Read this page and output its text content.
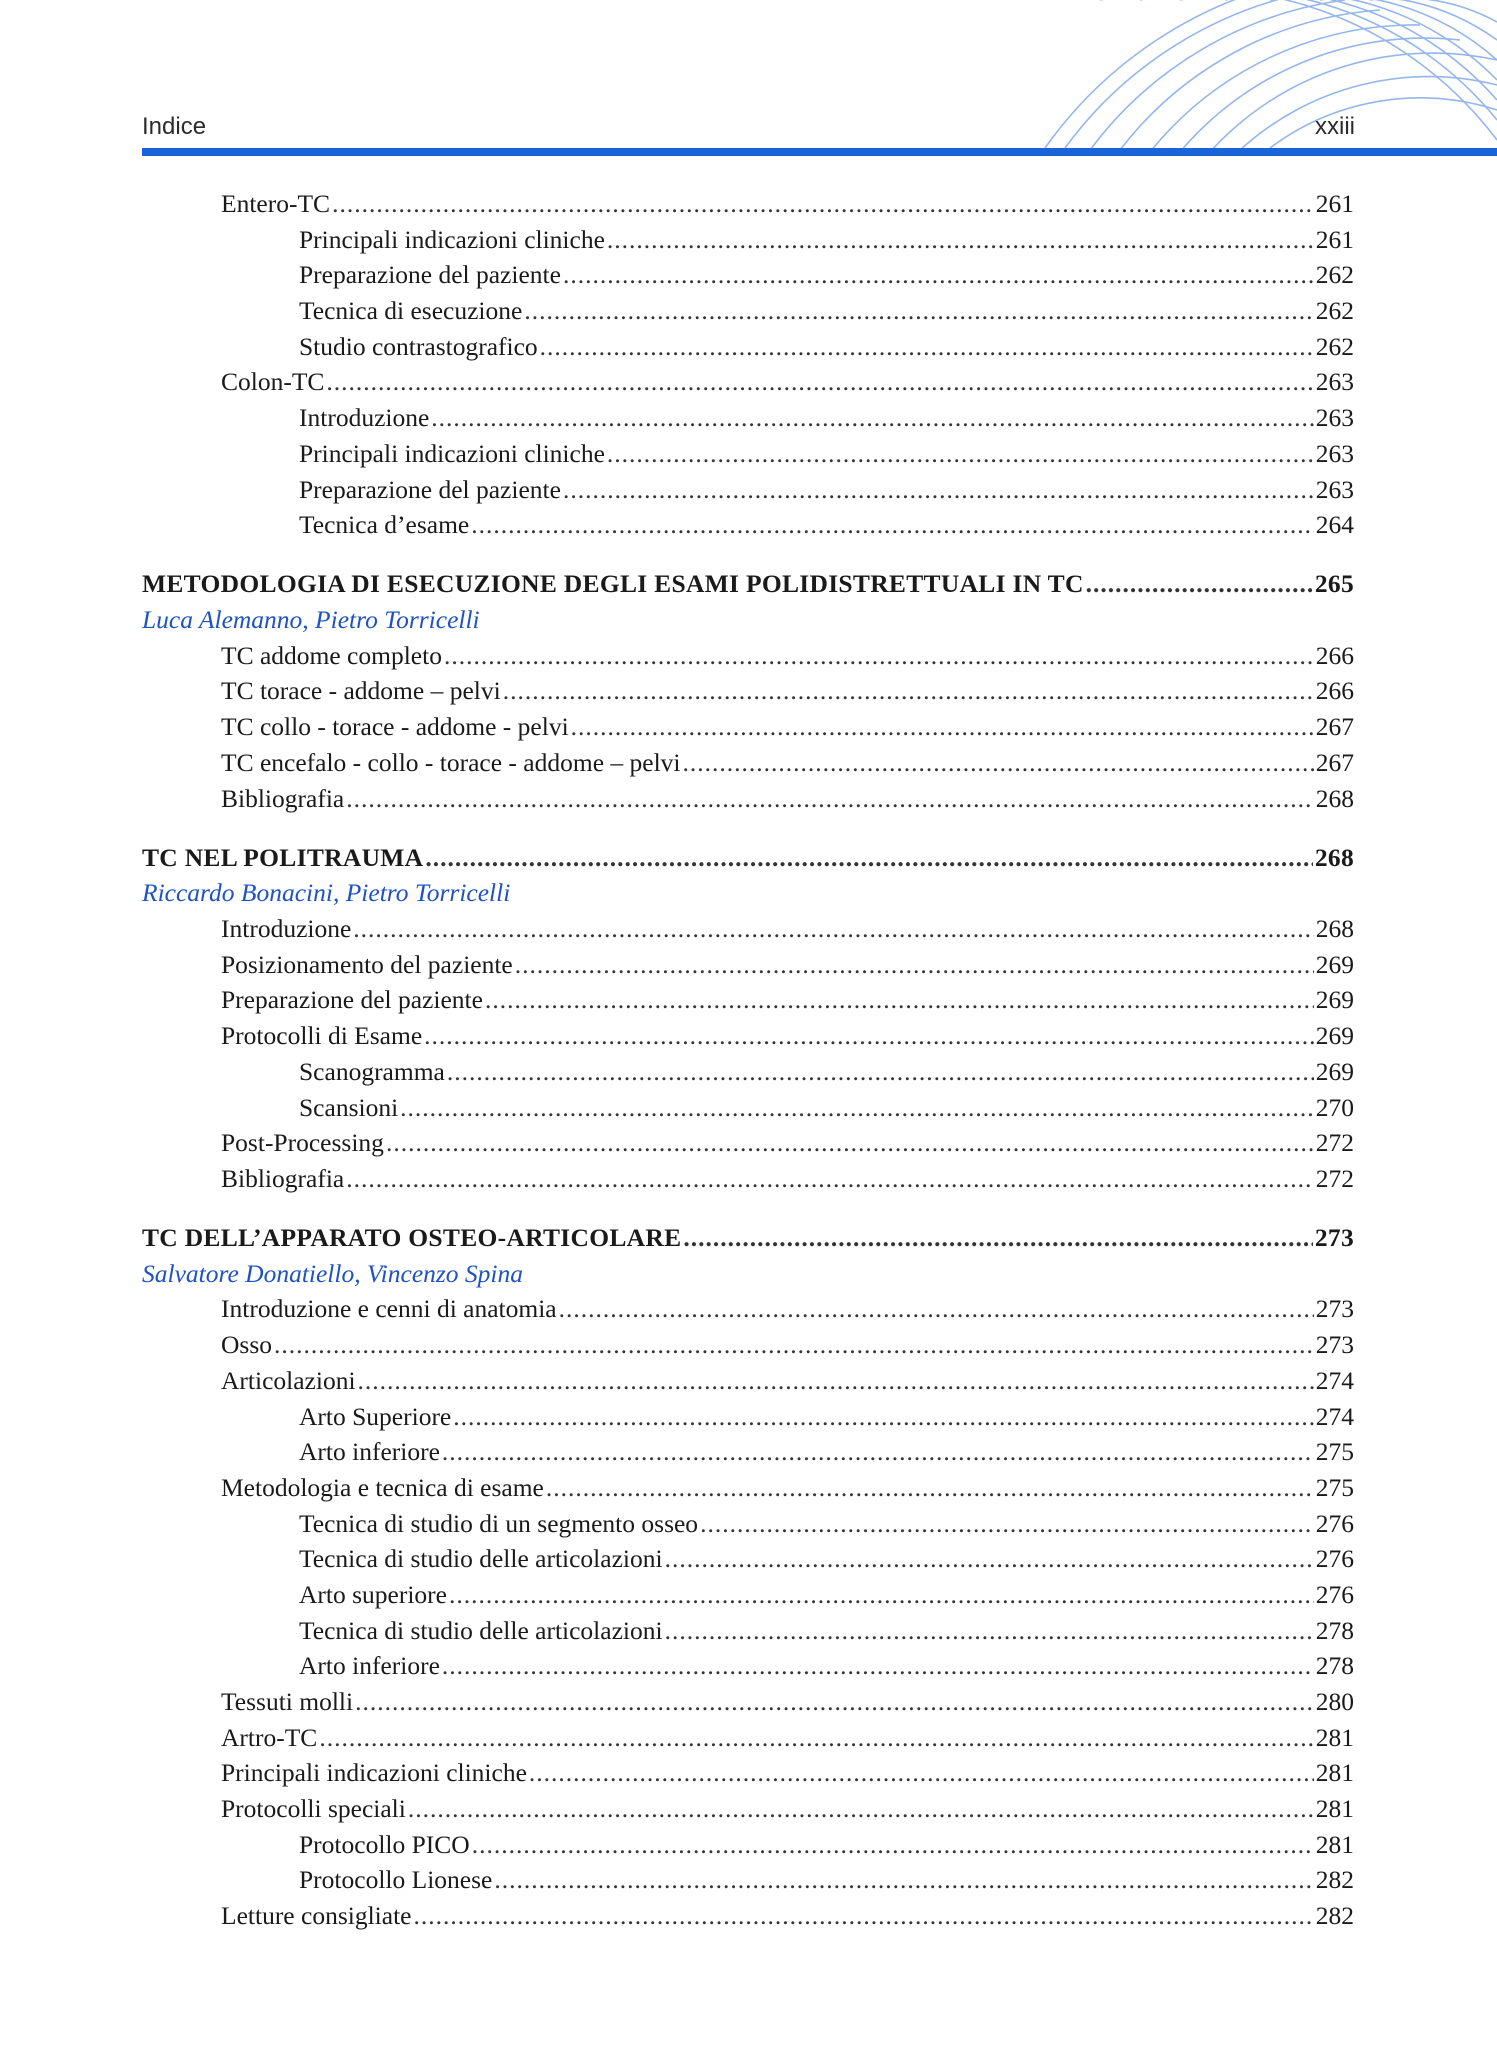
Indice	xxiii
Entero-TC .....	261
Principali indicazioni cliniche .....	261
Preparazione del paziente .....	262
Tecnica di esecuzione .....	262
Studio contrastografico .....	262
Colon-TC .....	263
Introduzione .....	263
Principali indicazioni cliniche .....	263
Preparazione del paziente .....	263
Tecnica d’esame .....	264
METODOLOGIA DI ESECUZIONE DEGLI ESAMI POLIDISTRETTUALI IN TC .....	265
Luca Alemanno, Pietro Torricelli
TC addome completo .....	266
TC torace - addome – pelvi .....	266
TC collo - torace - addome - pelvi .....	267
TC encefalo - collo - torace - addome – pelvi .....	267
Bibliografia .....	268
TC NEL POLITRAUMA .....	268
Riccardo Bonacini, Pietro Torricelli
Introduzione .....	268
Posizionamento del paziente .....	269
Preparazione del paziente .....	269
Protocolli di Esame .....	269
Scanogramma .....	269
Scansioni .....	270
Post-Processing .....	272
Bibliografia .....	272
TC DELL’APPARATO OSTEO-ARTICOLARE .....	273
Salvatore Donatiello, Vincenzo Spina
Introduzione e cenni di anatomia .....	273
Osso .....	273
Articolazioni .....	274
Arto Superiore .....	274
Arto inferiore .....	275
Metodologia e tecnica di esame .....	275
Tecnica di studio di un segmento osseo .....	276
Tecnica di studio delle articolazioni .....	276
Arto superiore .....	276
Tecnica di studio delle articolazioni .....	278
Arto inferiore .....	278
Tessuti molli .....	280
Artro-TC .....	281
Principali indicazioni cliniche .....	281
Protocolli speciali .....	281
Protocollo PICO .....	281
Protocollo Lionese .....	282
Letture consigliate .....	282
